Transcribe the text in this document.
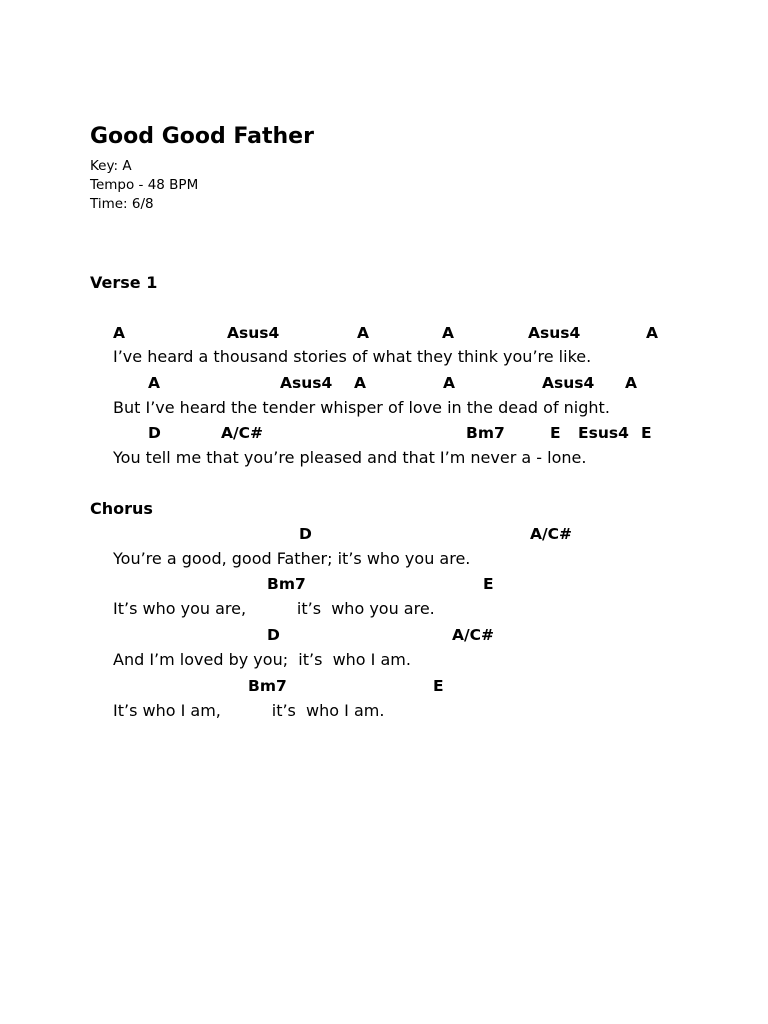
Good Good Father
Key: A
Tempo - 48 BPM
Time: 6/8
Verse 1
A	Asus4	A	A	Asus4	A
I’ve heard a thousand stories of what they think you’re like.
A	Asus4 A	A	Asus4 A
But I’ve heard the tender whisper of love in the dead of night.
D	A/C#	Bm7	E Esus4 E
You tell me that you’re pleased and that I’m never a - lone.
Chorus
D	A/C#
You’re a good, good Father; it’s who you are.
Bm7	E
It’s who you are,          it’s  who you are.
D	A/C#
And I’m loved by you;  it’s  who I am.
Bm7	E
It’s who I am,          it’s  who I am.
